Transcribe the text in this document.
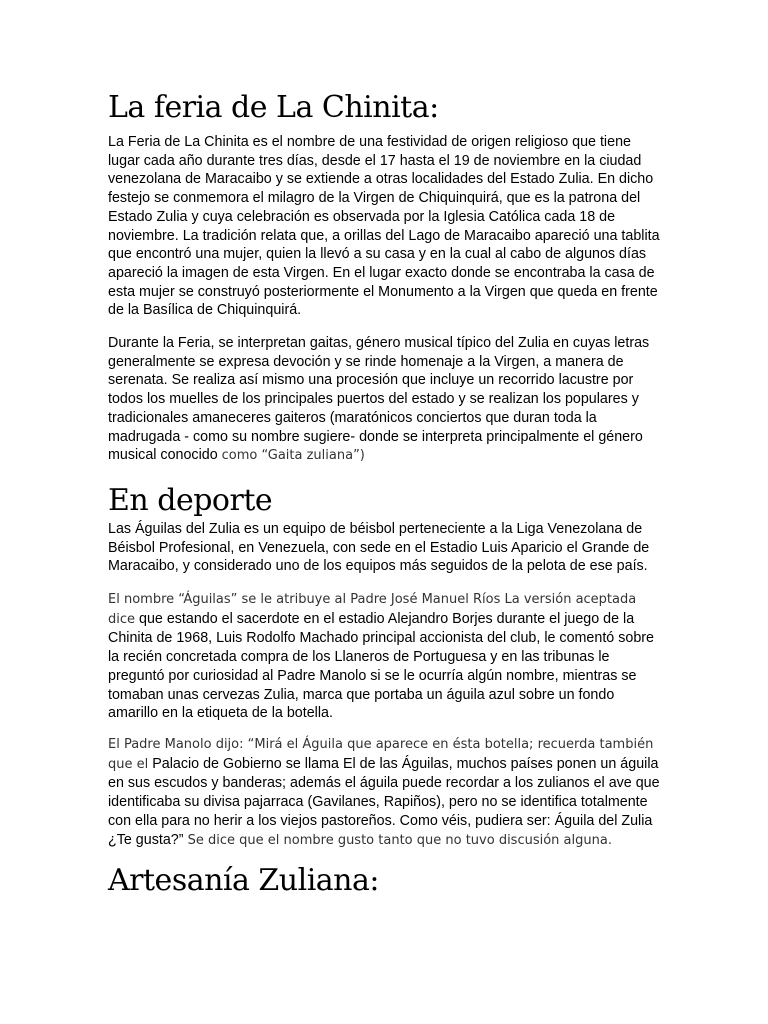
La feria de La Chinita:

La Feria de La Chinita es el nombre de una festividad de origen religioso que tiene lugar cada año durante tres días, desde el 17 hasta el 19 de noviembre en la ciudad venezolana de Maracaibo y se extiende a otras localidades del Estado Zulia. En dicho festejo se conmemora el milagro de la Virgen de Chiquinquirá, que es la patrona del Estado Zulia y cuya celebración es observada por la Iglesia Católica cada 18 de noviembre. La tradición relata que, a orillas del Lago de Maracaibo apareció una tablita que encontró una mujer, quien la llevó a su casa y en la cual al cabo de algunos días apareció la imagen de esta Virgen. En el lugar exacto donde se encontraba la casa de esta mujer se construyó posteriormente el Monumento a la Virgen que queda en frente de la Basílica de Chiquinquirá.

Durante la Feria, se interpretan gaitas, género musical típico del Zulia en cuyas letras generalmente se expresa devoción y se rinde homenaje a la Virgen, a manera de serenata. Se realiza así mismo una procesión que incluye un recorrido lacustre por todos los muelles de los principales puertos del estado y se realizan los populares y tradicionales amaneceres gaiteros (maratónicos conciertos que duran toda la madrugada - como su nombre sugiere- donde se interpreta principalmente el género musical conocido como “Gaita zuliana”)

En deporte

Las Águilas del Zulia es un equipo de béisbol perteneciente a la Liga Venezolana de Béisbol Profesional, en Venezuela, con sede en el Estadio Luis Aparicio el Grande de Maracaibo, y considerado uno de los equipos más seguidos de la pelota de ese país.

El nombre “Águilas” se le atribuye al Padre José Manuel Ríos La versión aceptada dice que estando el sacerdote en el estadio Alejandro Borjes durante el juego de la Chinita de 1968, Luis Rodolfo Machado principal accionista del club, le comentó sobre la recién concretada compra de los Llaneros de Portuguesa y en las tribunas le preguntó por curiosidad al Padre Manolo si se le ocurría algún nombre, mientras se tomaban unas cervezas Zulia, marca que portaba un águila azul sobre un fondo amarillo en la etiqueta de la botella.

El Padre Manolo dijo: “Mirá el Águila que aparece en ésta botella; recuerda también que el Palacio de Gobierno se llama El de las Águilas, muchos países ponen un águila en sus escudos y banderas; además el águila puede recordar a los zulianos el ave que identificaba su divisa pajarraca (Gavilanes, Rapiños), pero no se identifica totalmente con ella para no herir a los viejos pastoreños. Como véis, pudiera ser: Águila del Zulia ¿Te gusta?” Se dice que el nombre gusto tanto que no tuvo discusión alguna.

Artesanía Zuliana:
